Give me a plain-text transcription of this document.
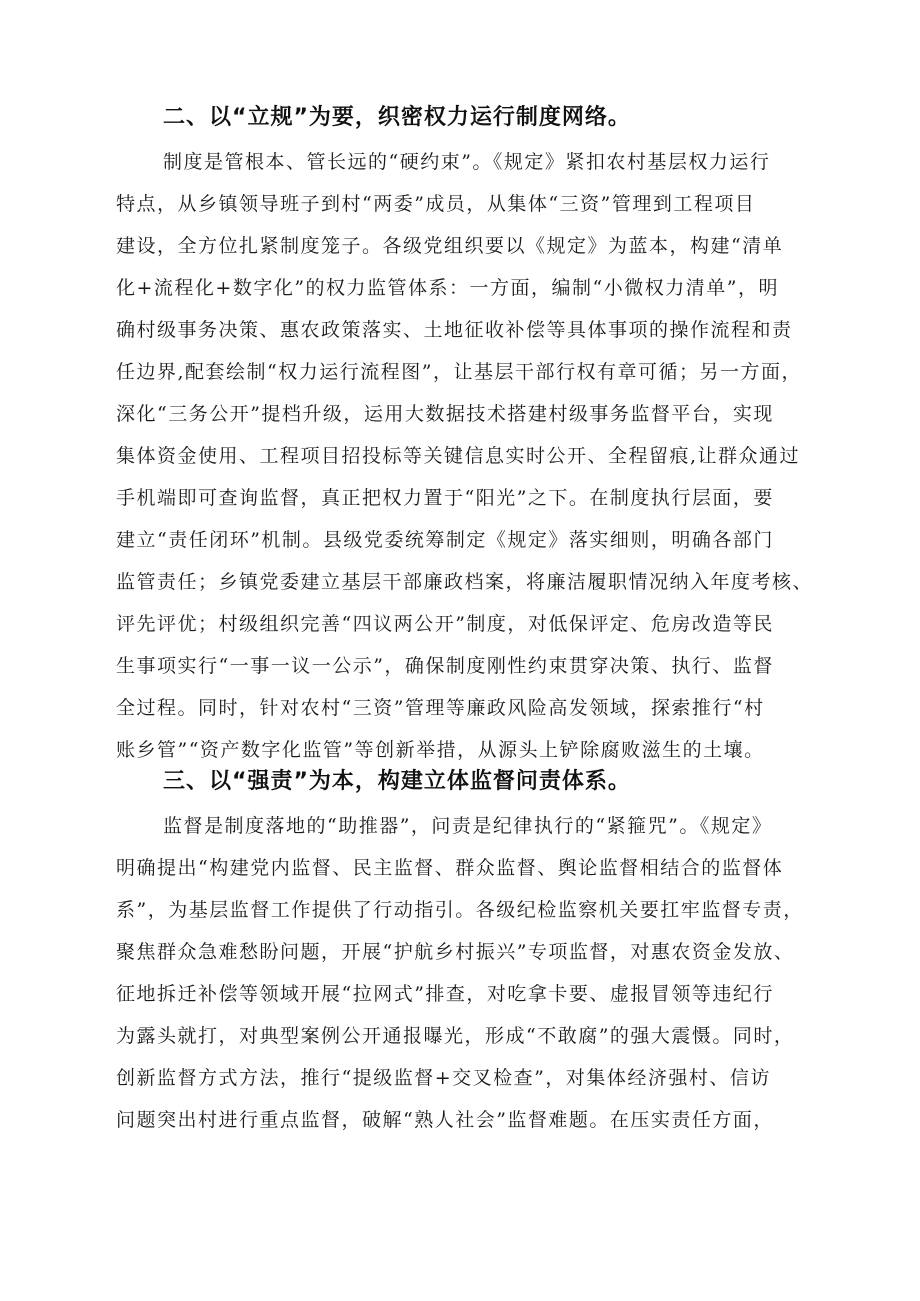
二、以“立规”为要，织密权力运行制度网络。
制度是管根本、管长远的“硬约束”。《规定》紧扣农村基层权力运行
特点，从乡镇领导班子到村“两委”成员，从集体“三资”管理到工程项目
建设，全方位扎紧制度笼子。各级党组织要以《规定》为蓝本，构建“清单
化+流程化+数字化”的权力监管体系：一方面，编制“小微权力清单”，明
确村级事务决策、惠农政策落实、土地征收补偿等具体事项的操作流程和责
任边界,配套绘制“权力运行流程图”，让基层干部行权有章可循；另一方面，
深化“三务公开”提档升级，运用大数据技术搭建村级事务监督平台，实现
集体资金使用、工程项目招投标等关键信息实时公开、全程留痕,让群众通过
手机端即可查询监督，真正把权力置于“阳光”之下。在制度执行层面，要
建立“责任闭环”机制。县级党委统筹制定《规定》落实细则，明确各部门
监管责任；乡镇党委建立基层干部廉政档案，将廉洁履职情况纳入年度考核、
评先评优；村级组织完善“四议两公开”制度，对低保评定、危房改造等民
生事项实行“一事一议一公示”，确保制度刚性约束贯穿决策、执行、监督
全过程。同时，针对农村“三资”管理等廉政风险高发领域，探索推行“村
账乡管”“资产数字化监管”等创新举措，从源头上铲除腐败滋生的土壤。
三、以“强责”为本，构建立体监督问责体系。
监督是制度落地的“助推器”，问责是纪律执行的“紧箍咒”。《规定》
明确提出“构建党内监督、民主监督、群众监督、舆论监督相结合的监督体
系”，为基层监督工作提供了行动指引。各级纪检监察机关要扛牢监督专责，
聚焦群众急难愁盼问题，开展“护航乡村振兴”专项监督，对惠农资金发放、
征地拆迁补偿等领域开展“拉网式”排查，对吃拿卡要、虚报冒领等违纪行
为露头就打，对典型案例公开通报曝光，形成“不敢腐”的强大震慑。同时，
创新监督方式方法，推行“提级监督+交叉检查”，对集体经济强村、信访
问题突出村进行重点监督，破解“熟人社会”监督难题。在压实责任方面，
